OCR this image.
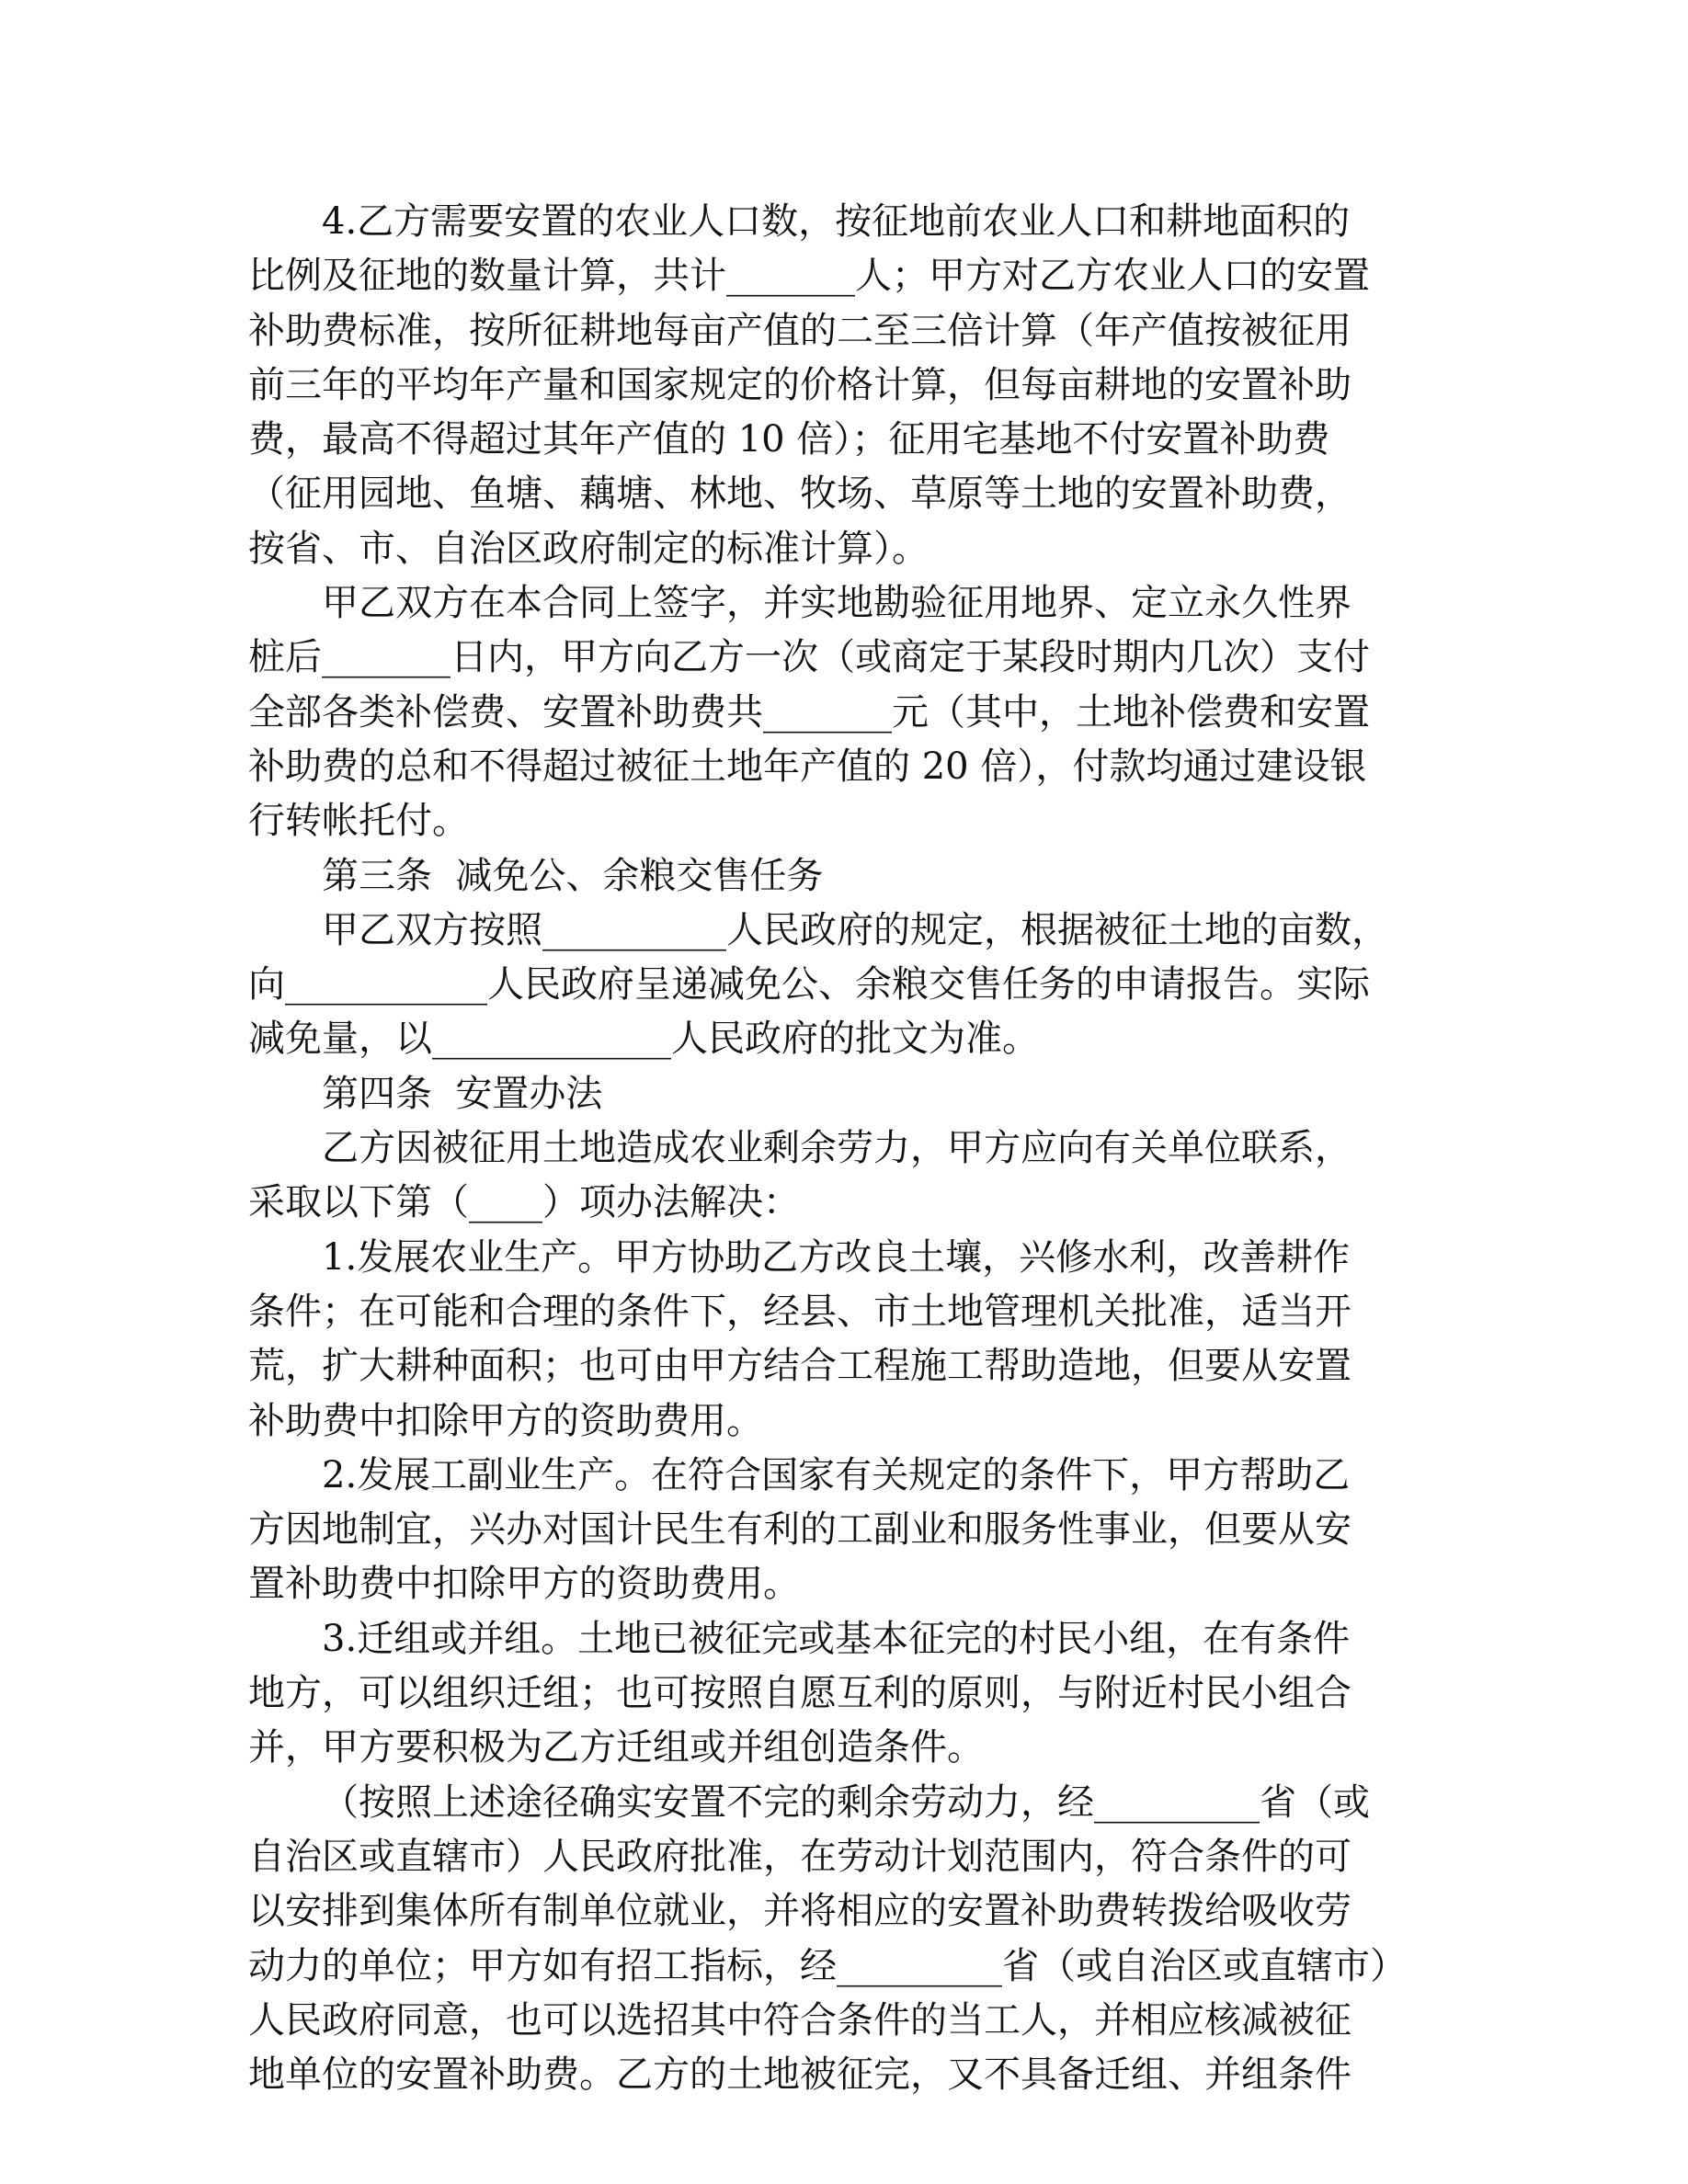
4.乙方需要安置的农业人口数，按征地前农业人口和耕地面积的
比例及征地的数量计算，共计_______人；甲方对乙方农业人口的安置
补助费标准，按所征耕地每亩产值的二至三倍计算（年产值按被征用
前三年的平均年产量和国家规定的价格计算，但每亩耕地的安置补助
费，最高不得超过其年产值的 10 倍）；征用宅基地不付安置补助费
（征用园地、鱼塘、藕塘、林地、牧场、草原等土地的安置补助费，
按省、市、自治区政府制定的标准计算）。
甲乙双方在本合同上签字，并实地勘验征用地界、定立永久性界
桩后_______日内，甲方向乙方一次（或商定于某段时期内几次）支付
全部各类补偿费、安置补助费共_______元（其中，土地补偿费和安置
补助费的总和不得超过被征土地年产值的 20 倍），付款均通过建设银
行转帐托付。
第三条  减免公、余粮交售任务
甲乙双方按照__________人民政府的规定，根据被征土地的亩数，
向___________人民政府呈递减免公、余粮交售任务的申请报告。实际
减免量，以_____________人民政府的批文为准。
第四条  安置办法
乙方因被征用土地造成农业剩余劳力，甲方应向有关单位联系，
采取以下第（____）项办法解决：
1.发展农业生产。甲方协助乙方改良土壤，兴修水利，改善耕作
条件；在可能和合理的条件下，经县、市土地管理机关批准，适当开
荒，扩大耕种面积；也可由甲方结合工程施工帮助造地，但要从安置
补助费中扣除甲方的资助费用。
2.发展工副业生产。在符合国家有关规定的条件下，甲方帮助乙
方因地制宜，兴办对国计民生有利的工副业和服务性事业，但要从安
置补助费中扣除甲方的资助费用。
3.迁组或并组。土地已被征完或基本征完的村民小组，在有条件
地方，可以组织迁组；也可按照自愿互利的原则，与附近村民小组合
并，甲方要积极为乙方迁组或并组创造条件。
（按照上述途径确实安置不完的剩余劳动力，经_________省（或
自治区或直辖市）人民政府批准，在劳动计划范围内，符合条件的可
以安排到集体所有制单位就业，并将相应的安置补助费转拨给吸收劳
动力的单位；甲方如有招工指标，经_________省（或自治区或直辖市）
人民政府同意，也可以选招其中符合条件的当工人，并相应核减被征
地单位的安置补助费。乙方的土地被征完，又不具备迁组、并组条件
